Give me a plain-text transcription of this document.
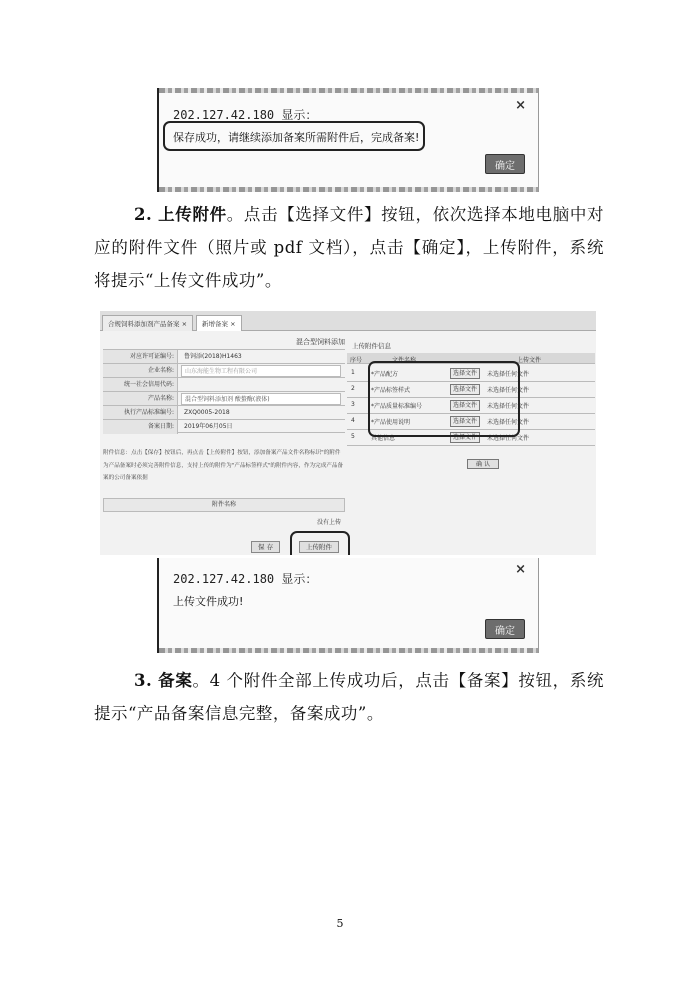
202.127.42.180 显示：
×
保存成功，请继续添加备案所需附件后，完成备案!
确定
2. 上传附件。点击【选择文件】按钮，依次选择本地电脑中对应的附件文件（照片或 pdf 文档），点击【确定】，上传附件，系统将提示“上传文件成功”。
合规饲料添加剂产品备案 ×	新增备案 ×
混合型饲料添加
对应许可证编号:	鲁饲添(2018)H1463
企业名称:	山东海能生物工程有限公司
统一社会信用代码:
产品名称:	混合型饲料添加剂 酸螯酶(液体)
执行产品标准编号:	ZXQ0005-2018
备案日期:	2019年06月05日
附件信息：点击【保存】按钮后，再点击【上传附件】按钮，添加备案产品文件名称标识"的附件为产品备案时必须完善附件信息，支持上传的附件为"产品标签样式"的附件内容，作为完成产品备案的公司备案依据
附件名称
没有上传
保 存	上传附件
上传附件信息
序号	文件名称	上传文件
1	*产品配方	选择文件	未选择任何文件
2	*产品标签样式	选择文件	未选择任何文件
3	*产品质量标准编号	选择文件	未选择任何文件
4	*产品使用说明	选择文件	未选择任何文件
5	其他信息	选择文件	未选择任何文件
确 认
202.127.42.180 显示：
×
上传文件成功!
确定
3. 备案。4 个附件全部上传成功后，点击【备案】按钮，系统提示“产品备案信息完整，备案成功”。
5
